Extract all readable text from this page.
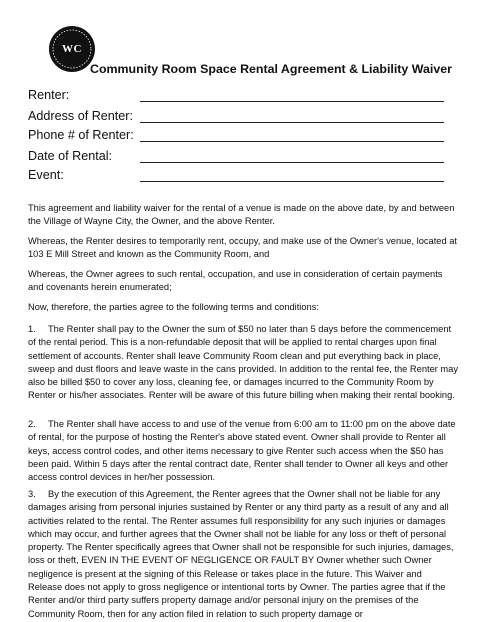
WC
Community Room Space Rental Agreement & Liability Waiver
Renter:
Address of Renter:
Phone # of Renter:
Date of Rental:
Event:

This agreement and liability waiver for the rental of a venue is made on the above date, by and between the Village of Wayne City, the Owner, and the above Renter.

Whereas, the Renter desires to temporarily rent, occupy, and make use of the Owner's venue, located at 103 E Mill Street and known as the Community Room, and

Whereas, the Owner agrees to such rental, occupation, and use in consideration of certain payments and covenants herein enumerated;

Now, therefore, the parties agree to the following terms and conditions:

1. The Renter shall pay to the Owner the sum of $50 no later than 5 days before the commencement of the rental period. This is a non-refundable deposit that will be applied to rental charges upon final settlement of accounts. Renter shall leave Community Room clean and put everything back in place, sweep and dust floors and leave waste in the cans provided. In addition to the rental fee, the Renter may also be billed $50 to cover any loss, cleaning fee, or damages incurred to the Community Room by Renter or his/her associates. Renter will be aware of this future billing when making their rental booking.

2. The Renter shall have access to and use of the venue from 6:00 am to 11:00 pm on the above date of rental, for the purpose of hosting the Renter's above stated event. Owner shall provide to Renter all keys, access control codes, and other items necessary to give Renter such access when the $50 has been paid. Within 5 days after the rental contract date, Renter shall tender to Owner all keys and other access control devices in her/her possession.

3. By the execution of this Agreement, the Renter agrees that the Owner shall not be liable for any damages arising from personal injuries sustained by Renter or any third party as a result of any and all activities related to the rental. The Renter assumes full responsibility for any such injuries or damages which may occur, and further agrees that the Owner shall not be liable for any loss or theft of personal property. The Renter specifically agrees that Owner shall not be responsible for such injuries, damages, loss or theft, EVEN IN THE EVENT OF NEGLIGENCE OR FAULT BY Owner whether such Owner negligence is present at the signing of this Release or takes place in the future. This Waiver and Release does not apply to gross negligence or intentional torts by Owner. The parties agree that if the Renter and/or third party suffers property damage and/or personal injury on the premises of the Community Room, then for any action filed in relation to such property damage or
